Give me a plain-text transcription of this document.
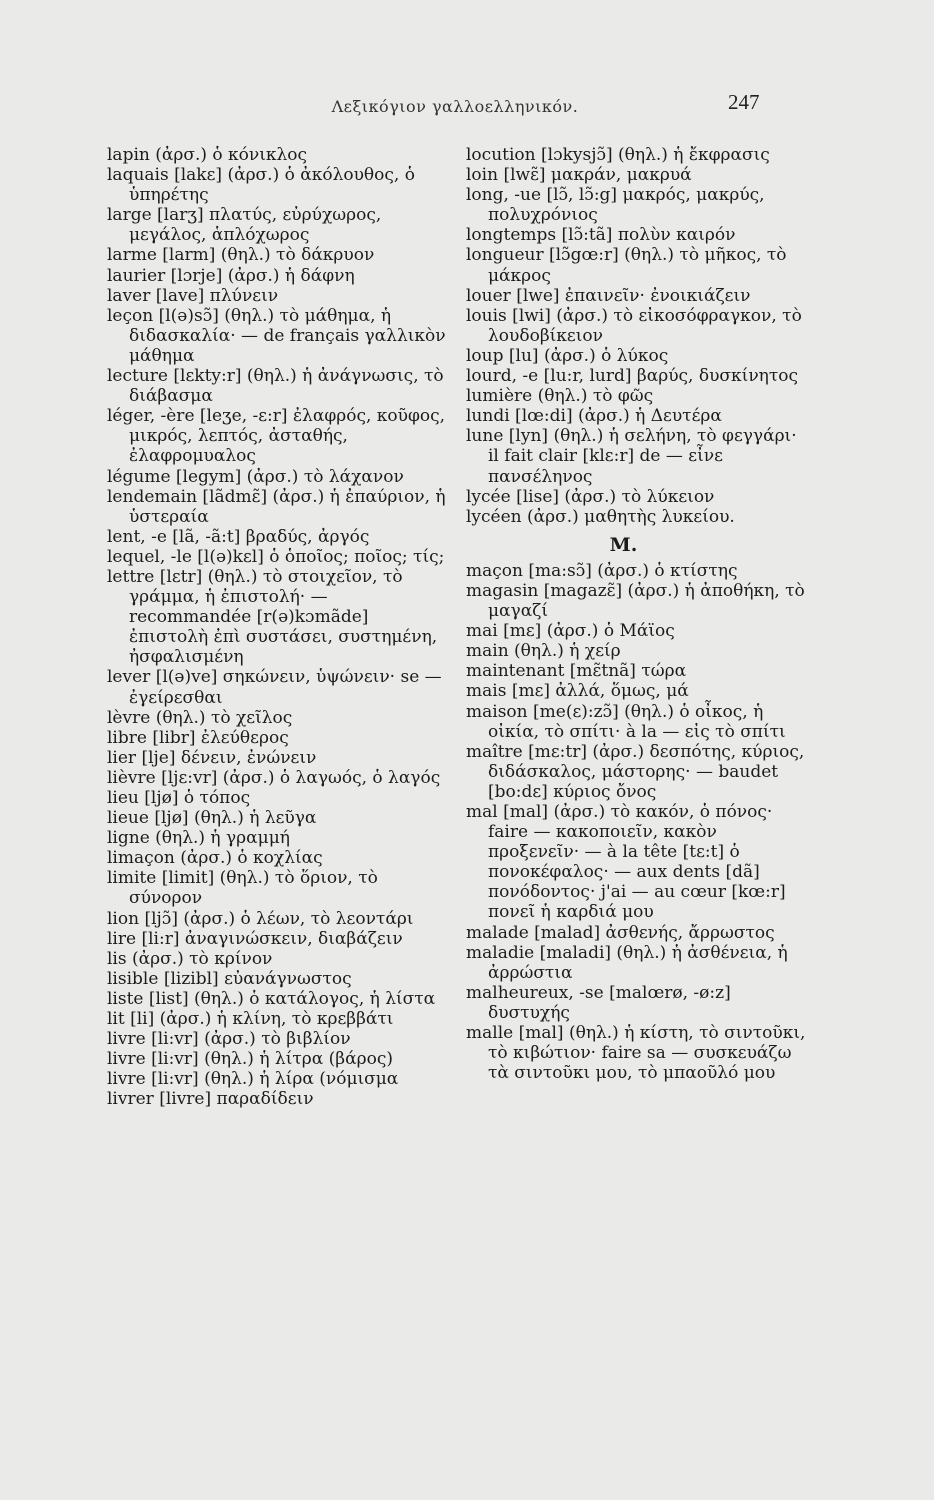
Λεξικόγιον γαλλοελληνικόν.	247

lapin (ἀρσ.) ὁ κόνικλος

laquais [lakε] (ἀρσ.) ὁ ἀκόλουθος, ὁ ὑπηρέτης

large [larʒ] πλατύς, εὐρύχωρος, μεγάλος, ἁπλόχωρος

larme [larm] (θηλ.) τὸ δάκρυον

laurier [lɔrje] (ἀρσ.) ἡ δάφνη

laver [lave] πλύνειν

leçon [l(ə)sɔ̃] (θηλ.) τὸ μάθημα, ἡ διδασκαλία· — de français γαλλικὸν μάθημα

lecture [lεkty:r] (θηλ.) ἡ ἀνάγνωσις, τὸ διάβασμα

léger, -ère [leʒe, -ε:r] ἐλαφρός, κοῦφος, μικρός, λεπτός, ἀσταθής, ἐλαφρομυαλος

légume [legym] (ἀρσ.) τὸ λάχανον

lendemain [lãdmε̃] (ἀρσ.) ἡ ἐπαύριον, ἡ ὑστεραία

lent, -e [lã, -ã:t] βραδύς, ἀργός

lequel, -le [l(ə)kεl] ὁ ὁποῖος; ποῖος; τίς;

lettre [lεtr] (θηλ.) τὸ στοιχεῖον, τὸ γράμμα, ἡ ἐπιστολή· — recommandée [r(ə)kɔmãde] ἐπιστολὴ ἐπὶ συστάσει, συστημένη, ἠσφαλισμένη

lever [l(ə)ve] σηκώνειν, ὑψώνειν· se — ἐγείρεσθαι

lèvre (θηλ.) τὸ χεῖλος

libre [libr] ἐλεύθερος

lier [lje] δένειν, ἐνώνειν

lièvre [ljε:vr] (ἀρσ.) ὁ λαγωός, ὁ λαγός

lieu [ljø] ὁ τόπος

lieue [ljø] (θηλ.) ἡ λεῦγα

ligne (θηλ.) ἡ γραμμή

limaçon (ἀρσ.) ὁ κοχλίας

limite [limit] (θηλ.) τὸ ὅριον, τὸ σύνορον

lion [ljɔ̃] (ἀρσ.) ὁ λέων, τὸ λεοντάρι

lire [li:r] ἀναγινώσκειν, διαβάζειν

lis (ἀρσ.) τὸ κρίνον

lisible [lizibl] εὐανάγνωστος

liste [list] (θηλ.) ὁ κατάλογος, ἡ λίστα

lit [li] (ἀρσ.) ἡ κλίνη, τὸ κρεββάτι

livre [li:vr] (ἀρσ.) τὸ βιβλίον

livre [li:vr] (θηλ.) ἡ λίτρα (βάρος)

livre [li:vr] (θηλ.) ἡ λίρα (νόμισμα

livrer [livre] παραδίδειν

locution [lɔkysjɔ̃] (θηλ.) ἡ ἔκφρασις

loin [lwε̃] μακράν, μακρυά

long, -ue [lɔ̃, lɔ̃:g] μακρός, μακρύς, πολυχρόνιος

longtemps [lɔ̃:tã] πολὺν καιρόν

longueur [lɔ̃gœ:r] (θηλ.) τὸ μῆκος, τὸ μάκρος

louer [lwe] ἐπαινεῖν· ἐνοικιάζειν

louis [lwi] (ἀρσ.) τὸ εἰκοσόφραγκον, τὸ λουδοβίκειον

loup [lu] (ἀρσ.) ὁ λύκος

lourd, -e [lu:r, lurd] βαρύς, δυσκίνητος

lumière (θηλ.) τὸ φῶς

lundi [lœ:di] (ἀρσ.) ἡ Δευτέρα

lune [lyn] (θηλ.) ἡ σελήνη, τὸ φεγγάρι· il fait clair [klε:r] de — εἶνε πανσέληνος

lycée [lise] (ἀρσ.) τὸ λύκειον

lycéen (ἀρσ.) μαθητὴς λυκείου.

M.

maçon [ma:sɔ̃] (ἀρσ.) ὁ κτίστης

magasin [magazε̃] (ἀρσ.) ἡ ἀποθήκη, τὸ μαγαζί

mai [mε] (ἀρσ.) ὁ Μάϊος

main (θηλ.) ἡ χείρ

maintenant [mε̃tnã] τώρα

mais [mε] ἀλλά, ὅμως, μά

maison [me(ε):zɔ̃] (θηλ.) ὁ οἶκος, ἡ οἰκία, τὸ σπίτι· à la — εἰς τὸ σπίτι

maître [mε:tr] (ἀρσ.) δεσπότης, κύριος, διδάσκαλος, μάστορης· — baudet [bo:dε] κύριος ὄνος

mal [mal] (ἀρσ.) τὸ κακόν, ὁ πόνος· faire — κακοποιεῖν, κακὸν προξενεῖν· — à la tête [tε:t] ὁ πονοκέφαλος· — aux dents [dã] πονόδοντος· j'ai — au cœur [kœ:r] πονεῖ ἡ καρδιά μου

malade [malad] ἀσθενής, ἄρρωστος

maladie [maladi] (θηλ.) ἡ ἀσθένεια, ἡ ἀρρώστια

malheureux, -se [malœrø, -ø:z] δυστυχής

malle [mal] (θηλ.) ἡ κίστη, τὸ σιντοῦκι, τὸ κιβώτιον· faire sa — συσκευάζω τὰ σιντοῦκι μου, τὸ μπαοῦλό μου
